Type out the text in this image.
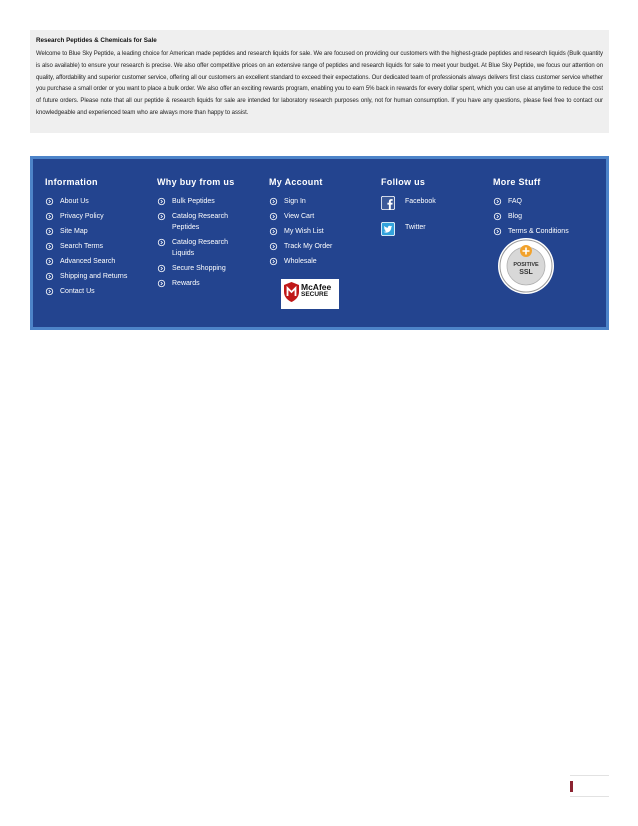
Research Peptides & Chemicals for Sale

Welcome to Blue Sky Peptide, a leading choice for American made peptides and research liquids for sale. We are focused on providing our customers with the highest-grade peptides and research liquids (Bulk quantity is also available) to ensure your research is precise. We also offer competitive prices on an extensive range of peptides and research liquids for sale to meet your budget. At Blue Sky Peptide, we focus our attention on quality, affordability and superior customer service, offering all our customers an excellent standard to exceed their expectations. Our dedicated team of professionals always delivers first class customer service whether you purchase a small order or you want to place a bulk order. We also offer an exciting rewards program, enabling you to earn 5% back in rewards for every dollar spent, which you can use at anytime to reduce the cost of future orders. Please note that all our peptide & research liquids for sale are intended for laboratory research purposes only, not for human consumption. If you have any questions, please feel free to contact our knowledgeable and experienced team who are always more than happy to assist.

Information
About Us
Privacy Policy
Site Map
Search Terms
Advanced Search
Shipping and Returns
Contact Us
Why buy from us
Bulk Peptides
Catalog Research Peptides
Catalog Research Liquids
Secure Shopping
Rewards
My Account
Sign In
View Cart
My Wish List
Track My Order
Wholesale
Follow us
Facebook
Twitter
More Stuff
FAQ
Blog
Terms & Conditions
McAfee
SECURE
POSITIVE
SSL
